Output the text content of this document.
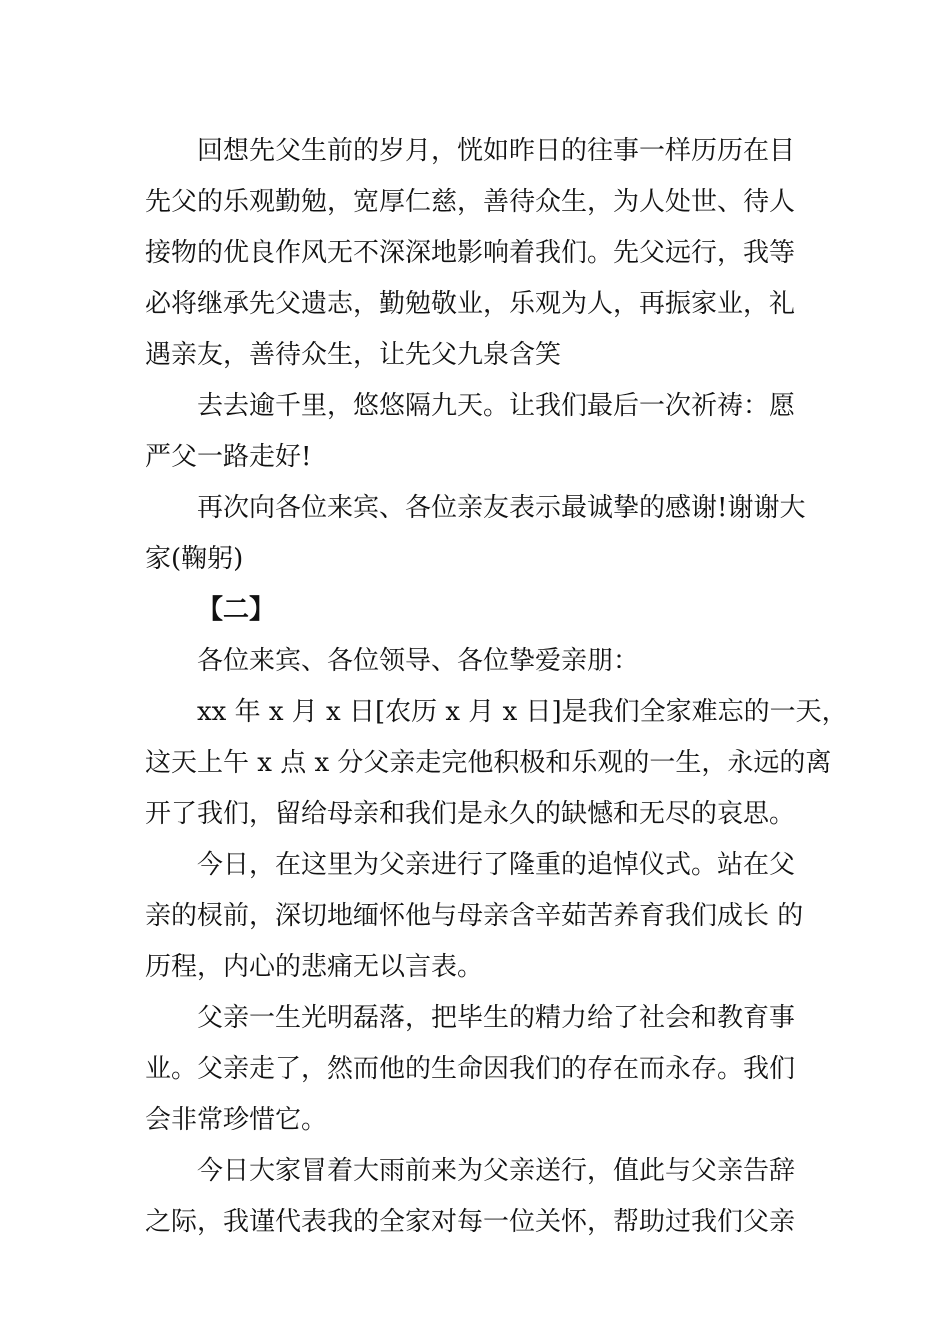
回想先父生前的岁月，恍如昨日的往事一样历历在目
先父的乐观勤勉，宽厚仁慈，善待众生，为人处世、待人
接物的优良作风无不深深地影响着我们。先父远行，我等
必将继承先父遗志，勤勉敬业，乐观为人，再振家业，礼
遇亲友，善待众生，让先父九泉含笑
去去逾千里，悠悠隔九天。让我们最后一次祈祷：愿
严父一路走好!
再次向各位来宾、各位亲友表示最诚挚的感谢!谢谢大
家(鞠躬)
【二】
各位来宾、各位领导、各位挚爱亲朋：
xx 年 x 月 x 日[农历 x 月 x 日]是我们全家难忘的一天，
这天上午 x 点 x 分父亲走完他积极和乐观的一生，永远的离
开了我们，留给母亲和我们是永久的缺憾和无尽的哀思。
今日，在这里为父亲进行了隆重的追悼仪式。站在父
亲的棂前，深切地缅怀他与母亲含辛茹苦养育我们成长 的
历程，内心的悲痛无以言表。
父亲一生光明磊落，把毕生的精力给了社会和教育事
业。父亲走了，然而他的生命因我们的存在而永存。我们
会非常珍惜它。
今日大家冒着大雨前来为父亲送行，值此与父亲告辞
之际，我谨代表我的全家对每一位关怀，帮助过我们父亲
